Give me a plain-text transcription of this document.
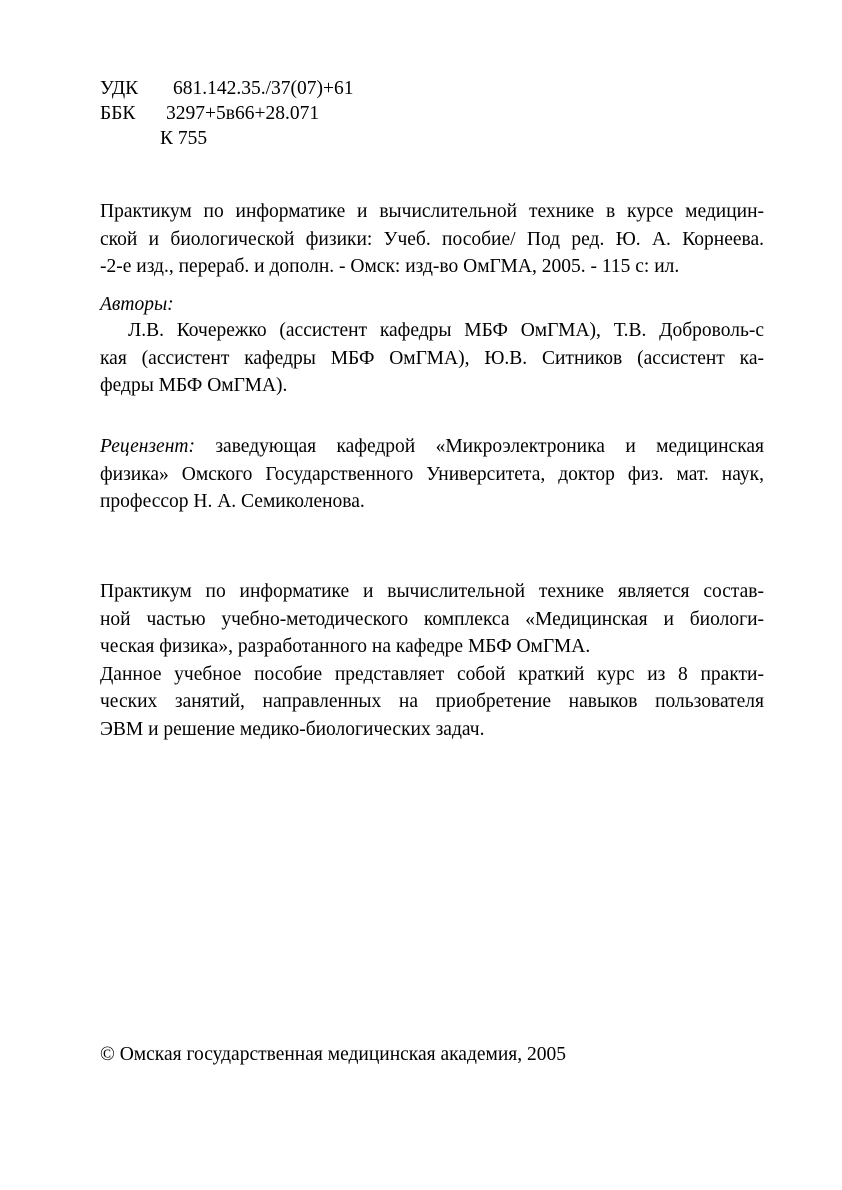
УДК 681.142.35./37(07)+61
ББК 3297+5в66+28.071
К 755
Практикум по информатике и вычислительной технике в курсе медицин-
ской и биологической физики: Учеб. пособие/ Под ред. Ю. А. Корнеева.
-2-е изд., перераб. и дополн. - Омск: изд-во ОмГМА, 2005. - 115 с: ил.
Авторы:
Л.В. Кочережко (ассистент кафедры МБФ ОмГМА), Т.В. Доброволь-с
кая (ассистент кафедры МБФ ОмГМА), Ю.В. Ситников (ассистент ка-
федры МБФ ОмГМА).
Рецензент: заведующая кафедрой «Микроэлектроника и медицинская
физика» Омского Государственного Университета, доктор физ. мат. наук,
профессор Н. А. Семиколенова.
Практикум по информатике и вычислительной технике является состав-
ной частью учебно-методического комплекса «Медицинская и биологи-
ческая физика», разработанного на кафедре МБФ ОмГМА.
Данное учебное пособие представляет собой краткий курс из 8 практи-
ческих занятий, направленных на приобретение навыков пользователя
ЭВМ и решение медико-биологических задач.
© Омская государственная медицинская академия, 2005
